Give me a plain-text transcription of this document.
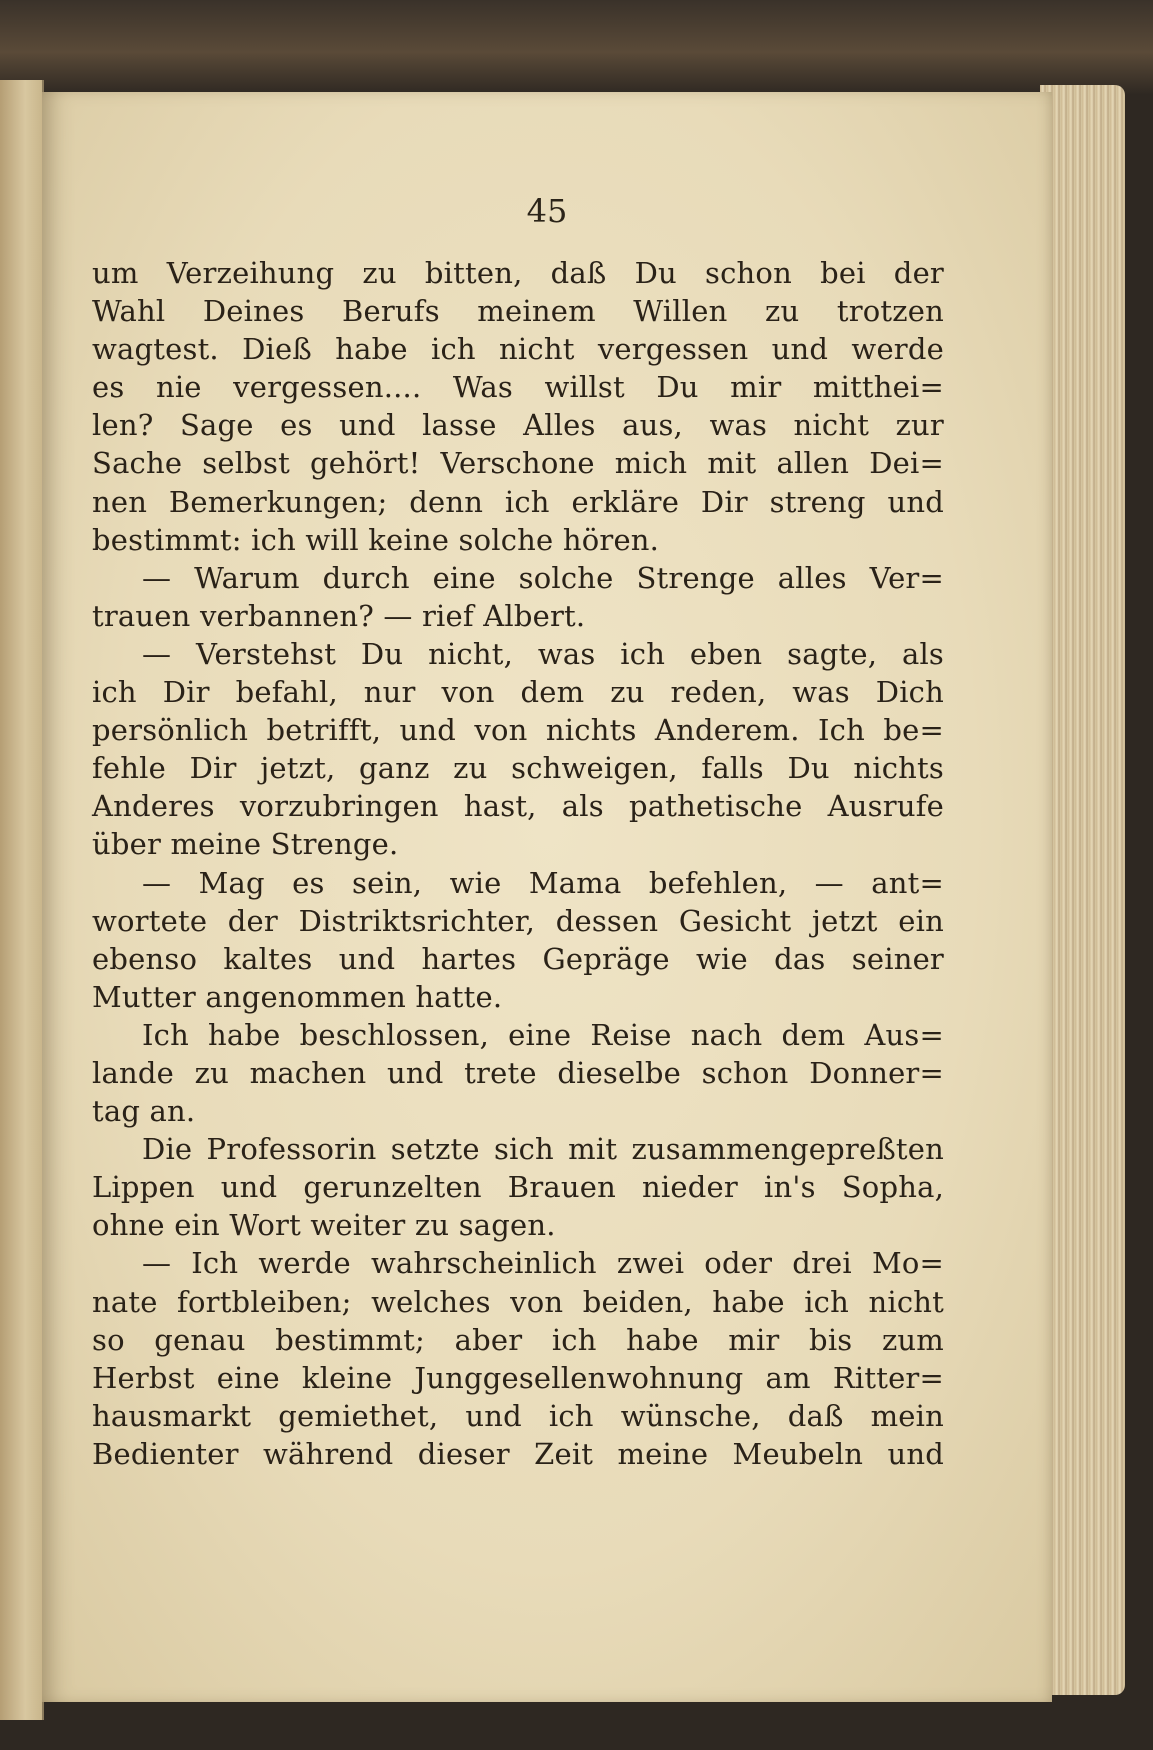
45
um Verzeihung zu bitten, daß Du schon bei der
Wahl Deines Berufs meinem Willen zu trotzen
wagtest. Dieß habe ich nicht vergessen und werde
es nie vergessen.... Was willst Du mir mitthei=
len? Sage es und lasse Alles aus, was nicht zur
Sache selbst gehört! Verschone mich mit allen Dei=
nen Bemerkungen; denn ich erkläre Dir streng und
bestimmt: ich will keine solche hören.
— Warum durch eine solche Strenge alles Ver=
trauen verbannen? — rief Albert.
— Verstehst Du nicht, was ich eben sagte, als
ich Dir befahl, nur von dem zu reden, was Dich
persönlich betrifft, und von nichts Anderem. Ich be=
fehle Dir jetzt, ganz zu schweigen, falls Du nichts
Anderes vorzubringen hast, als pathetische Ausrufe
über meine Strenge.
— Mag es sein, wie Mama befehlen, — ant=
wortete der Distriktsrichter, dessen Gesicht jetzt ein
ebenso kaltes und hartes Gepräge wie das seiner
Mutter angenommen hatte.
Ich habe beschlossen, eine Reise nach dem Aus=
lande zu machen und trete dieselbe schon Donner=
tag an.
Die Professorin setzte sich mit zusammengepreßten
Lippen und gerunzelten Brauen nieder in's Sopha,
ohne ein Wort weiter zu sagen.
— Ich werde wahrscheinlich zwei oder drei Mo=
nate fortbleiben; welches von beiden, habe ich nicht
so genau bestimmt; aber ich habe mir bis zum
Herbst eine kleine Junggesellenwohnung am Ritter=
hausmarkt gemiethet, und ich wünsche, daß mein
Bedienter während dieser Zeit meine Meubeln und
